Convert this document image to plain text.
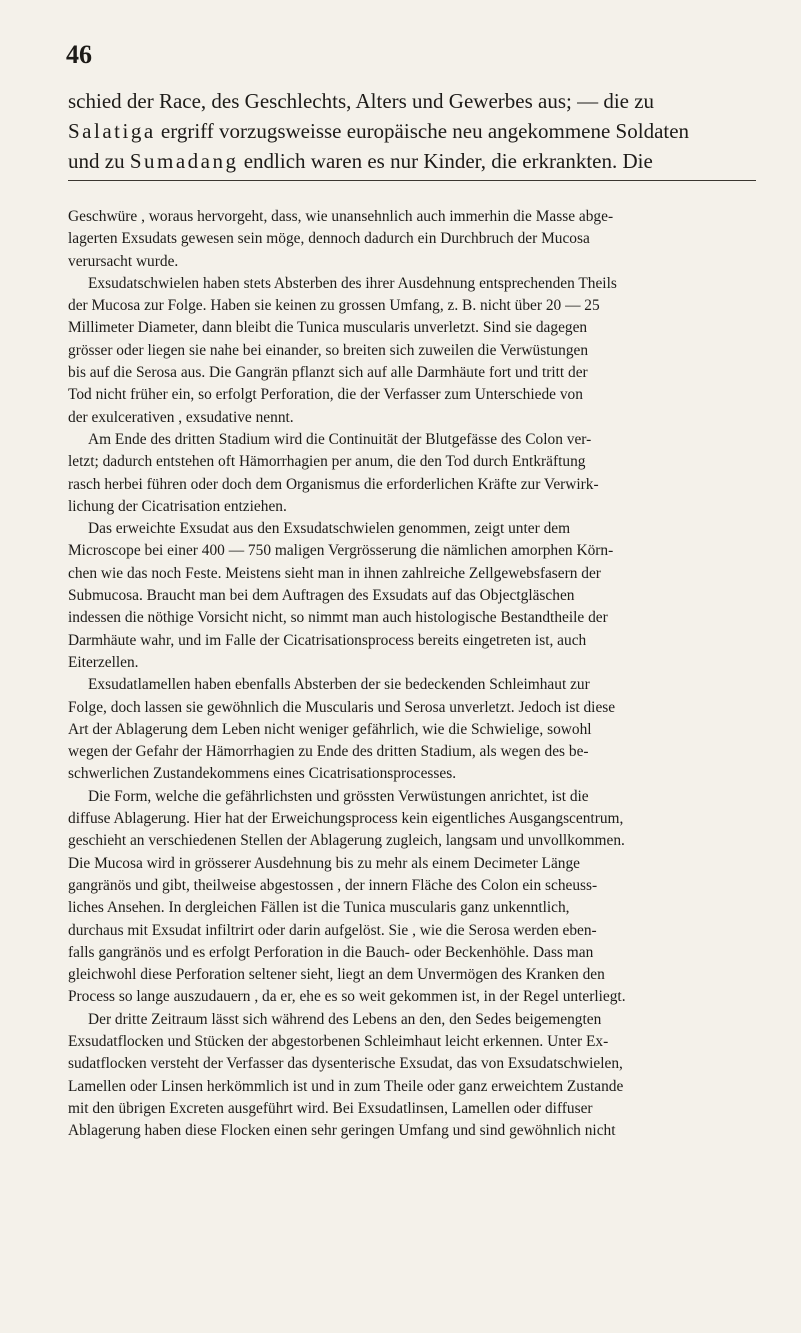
46
schied der Race, des Geschlechts, Alters und Gewerbes aus; — die zu
Salatiga ergriff vorzugsweisse europäische neu angekommene Soldaten
und zu Sumadang endlich waren es nur Kinder, die erkrankten. Die
Geschwüre , woraus hervorgeht, dass, wie unansehnlich auch immerhin die Masse abge-
lagerten Exsudats gewesen sein möge, dennoch dadurch ein Durchbruch der Mucosa
verursacht wurde.
Exsudatschwielen haben stets Absterben des ihrer Ausdehnung entsprechenden Theils
der Mucosa zur Folge. Haben sie keinen zu grossen Umfang, z. B. nicht über 20 — 25
Millimeter Diameter, dann bleibt die Tunica muscularis unverletzt. Sind sie dagegen
grösser oder liegen sie nahe bei einander, so breiten sich zuweilen die Verwüstungen
bis auf die Serosa aus. Die Gangrän pflanzt sich auf alle Darmhäute fort und tritt der
Tod nicht früher ein, so erfolgt Perforation, die der Verfasser zum Unterschiede von
der exulcerativen , exsudative nennt.
Am Ende des dritten Stadium wird die Continuität der Blutgefässe des Colon ver-
letzt; dadurch entstehen oft Hämorrhagien per anum, die den Tod durch Entkräftung
rasch herbei führen oder doch dem Organismus die erforderlichen Kräfte zur Verwirk-
lichung der Cicatrisation entziehen.
Das erweichte Exsudat aus den Exsudatschwielen genommen, zeigt unter dem
Microscope bei einer 400 — 750 maligen Vergrösserung die nämlichen amorphen Körn-
chen wie das noch Feste. Meistens sieht man in ihnen zahlreiche Zellgewebsfasern der
Submucosa. Braucht man bei dem Auftragen des Exsudats auf das Objectgläschen
indessen die nöthige Vorsicht nicht, so nimmt man auch histologische Bestandtheile der
Darmhäute wahr, und im Falle der Cicatrisationsprocess bereits eingetreten ist, auch
Eiterzellen.
Exsudatlamellen haben ebenfalls Absterben der sie bedeckenden Schleimhaut zur
Folge, doch lassen sie gewöhnlich die Muscularis und Serosa unverletzt. Jedoch ist diese
Art der Ablagerung dem Leben nicht weniger gefährlich, wie die Schwielige, sowohl
wegen der Gefahr der Hämorrhagien zu Ende des dritten Stadium, als wegen des be-
schwerlichen Zustandekommens eines Cicatrisationsprocesses.
Die Form, welche die gefährlichsten und grössten Verwüstungen anrichtet, ist die
diffuse Ablagerung. Hier hat der Erweichungsprocess kein eigentliches Ausgangscentrum,
geschieht an verschiedenen Stellen der Ablagerung zugleich, langsam und unvollkommen.
Die Mucosa wird in grösserer Ausdehnung bis zu mehr als einem Decimeter Länge
gangränös und gibt, theilweise abgestossen , der innern Fläche des Colon ein scheuss-
liches Ansehen. In dergleichen Fällen ist die Tunica muscularis ganz unkenntlich,
durchaus mit Exsudat infiltrirt oder darin aufgelöst. Sie , wie die Serosa werden eben-
falls gangränös und es erfolgt Perforation in die Bauch- oder Beckenhöhle. Dass man
gleichwohl diese Perforation seltener sieht, liegt an dem Unvermögen des Kranken den
Process so lange auszudauern , da er, ehe es so weit gekommen ist, in der Regel unterliegt.
Der dritte Zeitraum lässt sich während des Lebens an den, den Sedes beigemengten
Exsudatflocken und Stücken der abgestorbenen Schleimhaut leicht erkennen. Unter Ex-
sudatflocken versteht der Verfasser das dysenterische Exsudat, das von Exsudatschwielen,
Lamellen oder Linsen herkömmlich ist und in zum Theile oder ganz erweichtem Zustande
mit den übrigen Excreten ausgeführt wird. Bei Exsudatlinsen, Lamellen oder diffuser
Ablagerung haben diese Flocken einen sehr geringen Umfang und sind gewöhnlich nicht
